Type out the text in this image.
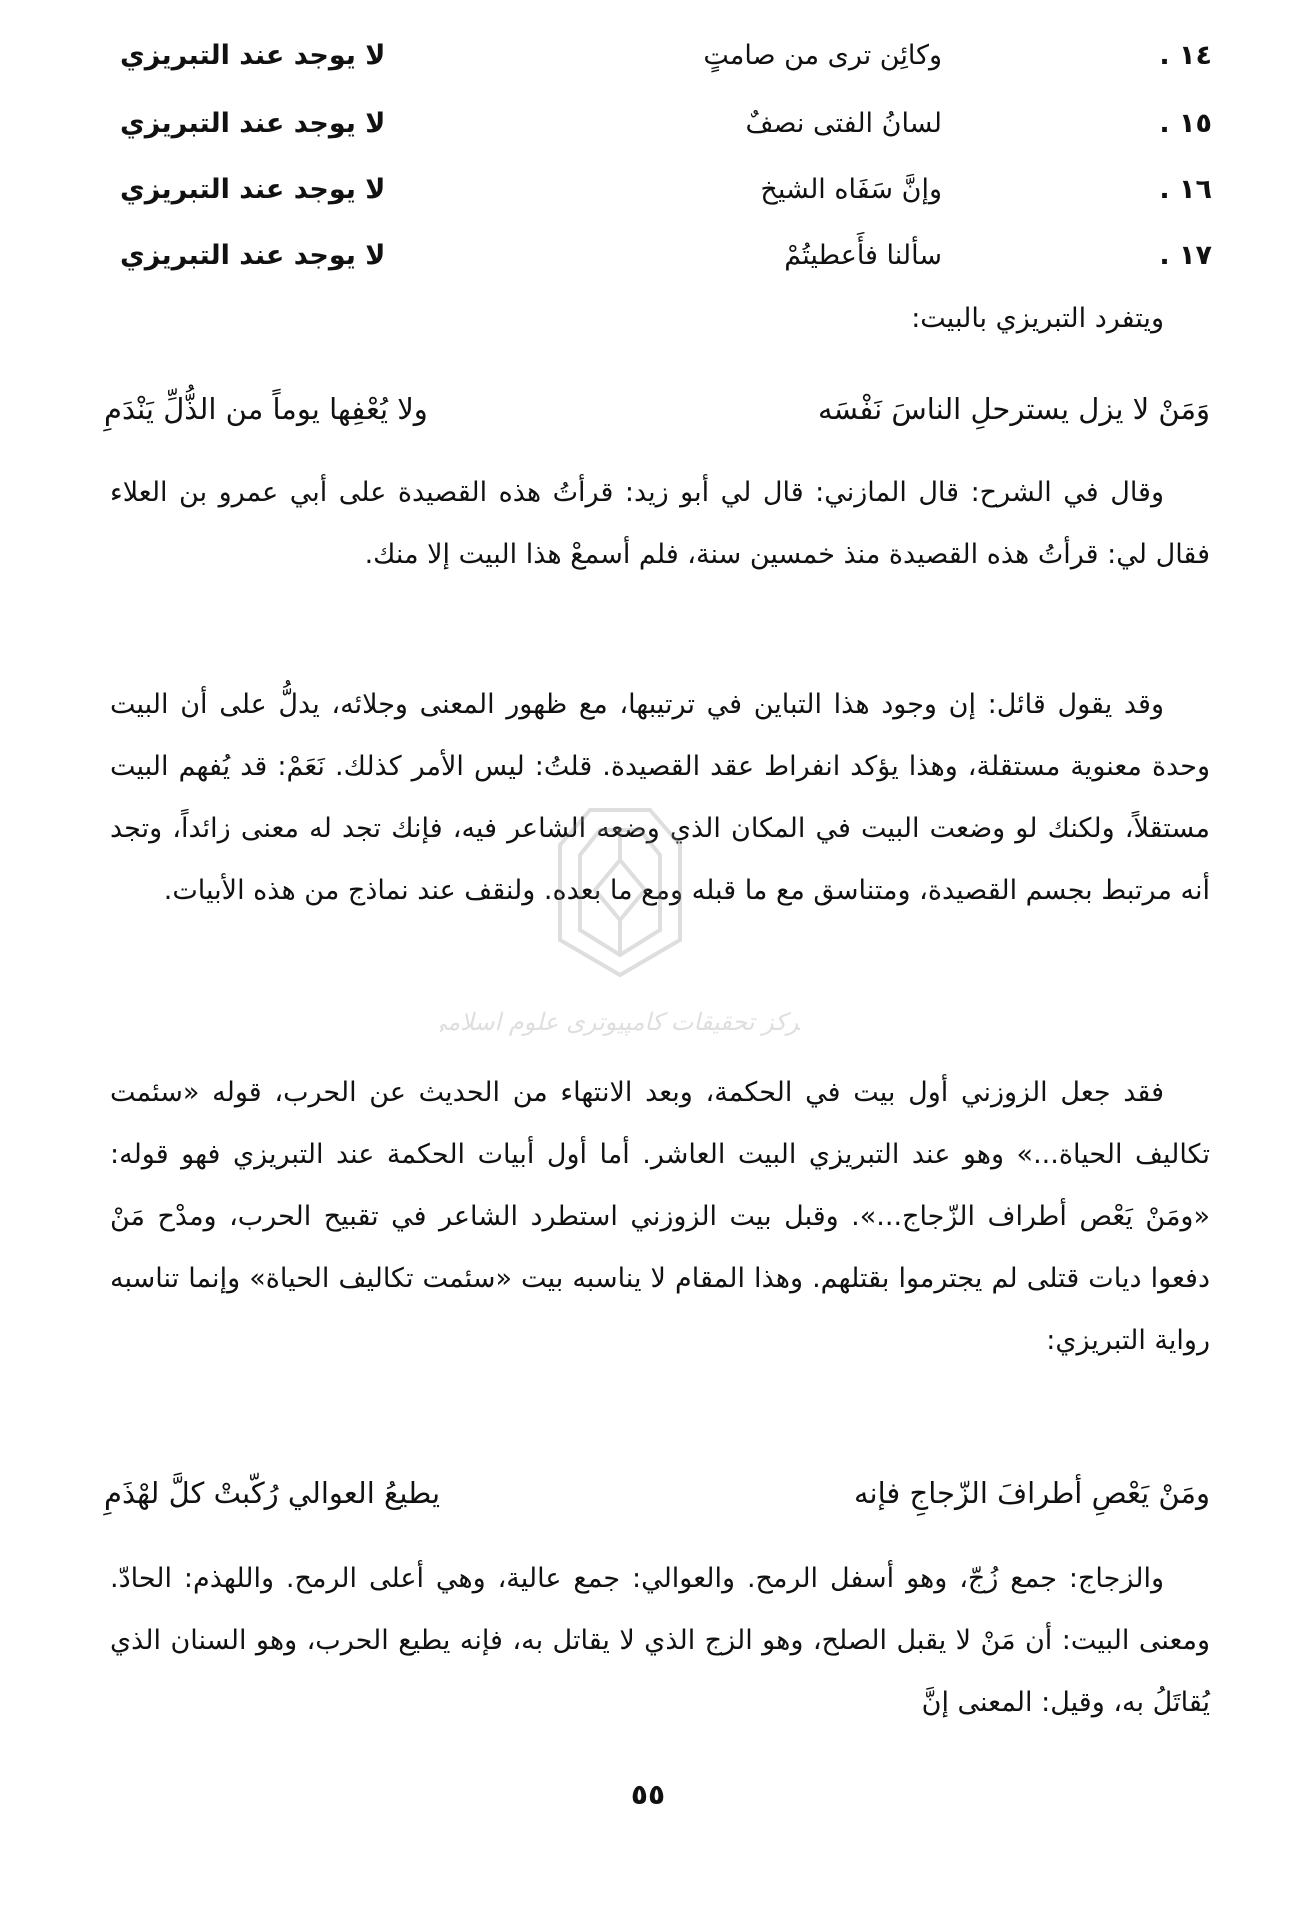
١٤ .
وكائِن ترى من صامتٍ
لا يوجد عند التبريزي
١٥ .
لسانُ الفتى نصفٌ
لا يوجد عند التبريزي
١٦ .
وإنَّ سَفَاه الشيخ
لا يوجد عند التبريزي
١٧ .
سألنا فأَعطيتُمْ
لا يوجد عند التبريزي
ويتفرد التبريزي بالبيت:
وَمَنْ لا يزل يسترحلِ الناسَ نَفْسَه
ولا يُعْفِها يوماً من الذُّلِّ يَنْدَمِ
وقال في الشرح: قال المازني: قال لي أبو زيد: قرأتُ هذه القصيدة على أبي عمرو بن العلاء فقال لي: قرأتُ هذه القصيدة منذ خمسين سنة، فلم أسمعْ هذا البيت إلا منك.
وقد يقول قائل: إن وجود هذا التباين في ترتيبها، مع ظهور المعنى وجلائه، يدلُّ على أن البيت وحدة معنوية مستقلة، وهذا يؤكد انفراط عقد القصيدة. قلتُ: ليس الأمر كذلك. نَعَمْ: قد يُفهم البيت مستقلاً، ولكنك لو وضعت البيت في المكان الذي وضعه الشاعر فيه، فإنك تجد له معنى زائداً، وتجد أنه مرتبط بجسم القصيدة، ومتناسق مع ما قبله ومع ما بعده. ولنقف عند نماذج من هذه الأبيات.
مرکز تحقیقات کامپیوتری علوم اسلامی
فقد جعل الزوزني أول بيت في الحكمة، وبعد الانتهاء من الحديث عن الحرب، قوله «سئمت تكاليف الحياة...» وهو عند التبريزي البيت العاشر. أما أول أبيات الحكمة عند التبريزي فهو قوله: «ومَنْ يَعْص أطراف الزّجاج...». وقبل بيت الزوزني استطرد الشاعر في تقبيح الحرب، ومدْح مَنْ دفعوا ديات قتلى لم يجترموا بقتلهم. وهذا المقام لا يناسبه بيت «سئمت تكاليف الحياة» وإنما تناسبه رواية التبريزي:
ومَنْ يَعْصِ أطرافَ الزّجاجِ فإنه
يطيعُ العوالي رُكّبتْ كلَّ لهْذَمِ
والزجاج: جمع زُجّ، وهو أسفل الرمح. والعوالي: جمع عالية، وهي أعلى الرمح. واللهذم: الحادّ. ومعنى البيت: أن مَنْ لا يقبل الصلح، وهو الزج الذي لا يقاتل به، فإنه يطيع الحرب، وهو السنان الذي يُقاتَلُ به، وقيل: المعنى إنَّ
٥٥
